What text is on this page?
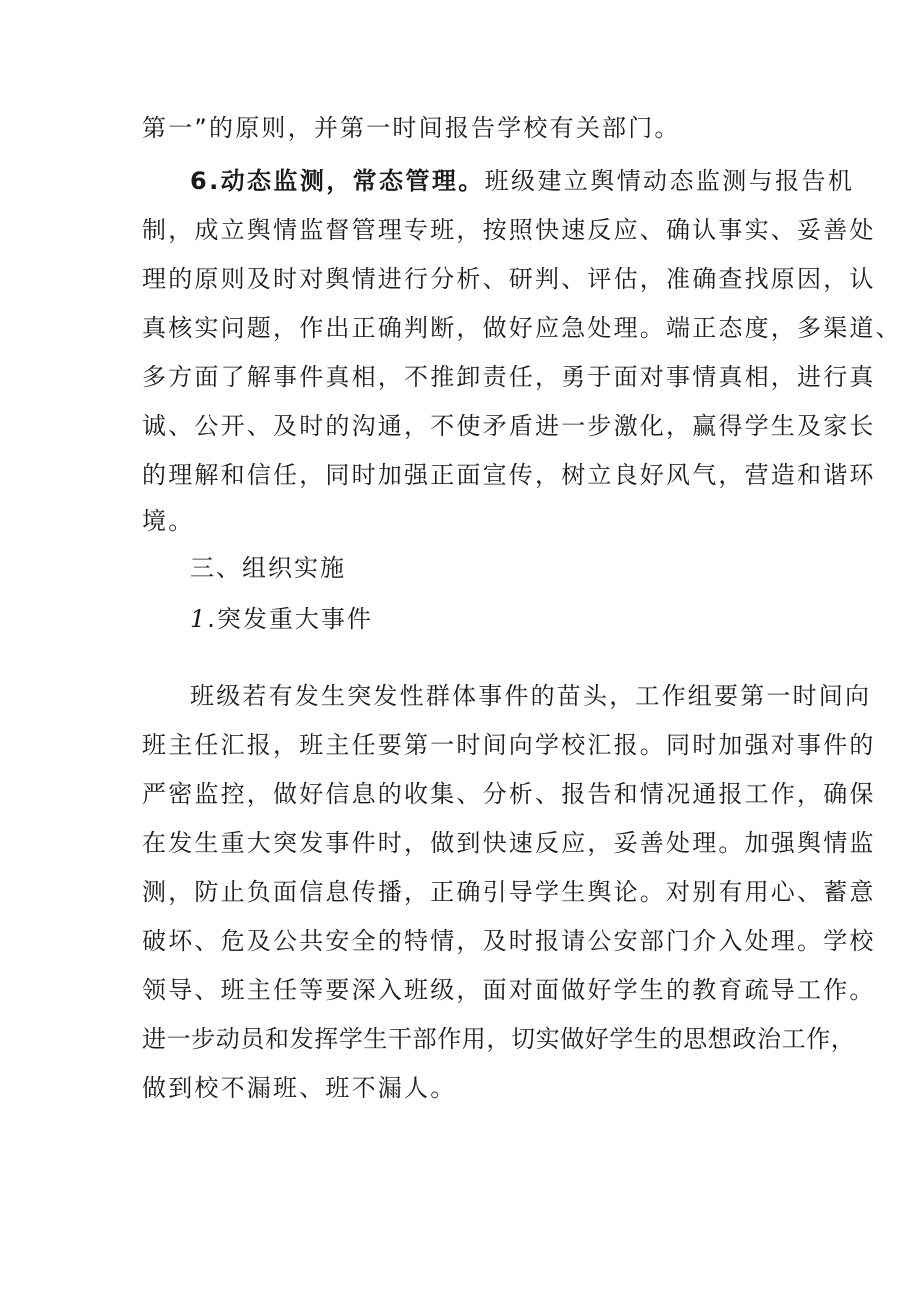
第一”的原则，并第一时间报告学校有关部门。
6.动态监测，常态管理。班级建立舆情动态监测与报告机
制，成立舆情监督管理专班，按照快速反应、确认事实、妥善处
理的原则及时对舆情进行分析、研判、评估，准确查找原因，认
真核实问题，作出正确判断，做好应急处理。端正态度，多渠道、
多方面了解事件真相，不推卸责任，勇于面对事情真相，进行真
诚、公开、及时的沟通，不使矛盾进一步激化，赢得学生及家长
的理解和信任，同时加强正面宣传，树立良好风气，营造和谐环
境。
三、组织实施
1.突发重大事件
班级若有发生突发性群体事件的苗头，工作组要第一时间向
班主任汇报，班主任要第一时间向学校汇报。同时加强对事件的
严密监控，做好信息的收集、分析、报告和情况通报工作，确保
在发生重大突发事件时，做到快速反应，妥善处理。加强舆情监
测，防止负面信息传播，正确引导学生舆论。对别有用心、蓄意
破坏、危及公共安全的特情，及时报请公安部门介入处理。学校
领导、班主任等要深入班级，面对面做好学生的教育疏导工作。
进一步动员和发挥学生干部作用，切实做好学生的思想政治工作，
做到校不漏班、班不漏人。
